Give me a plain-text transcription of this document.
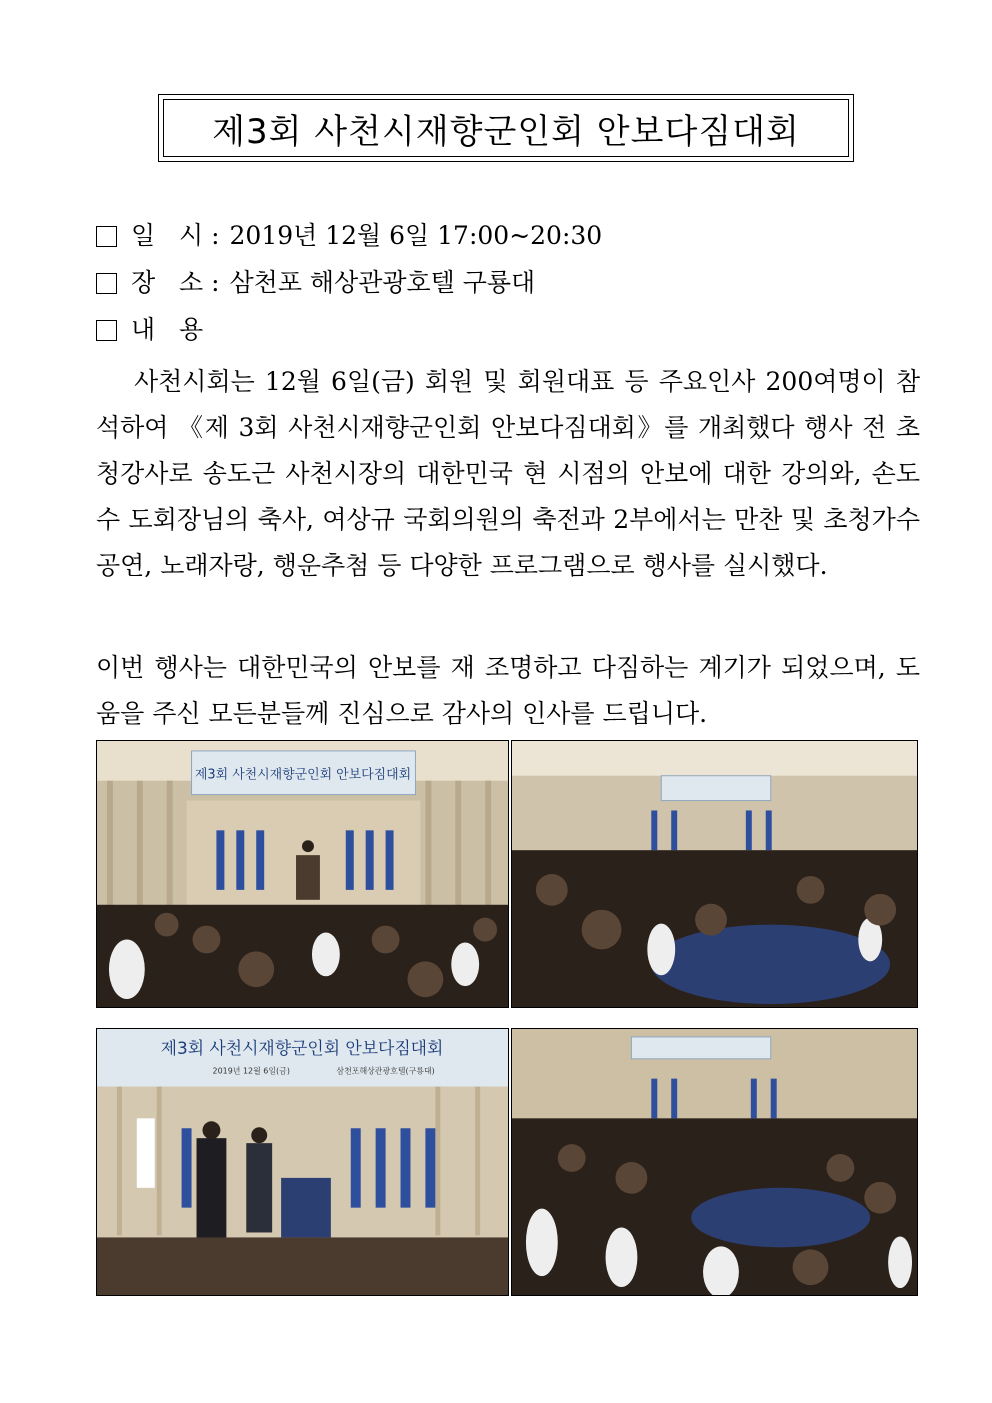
제3회 사천시재향군인회 안보다짐대회
일   시 : 2019년 12월 6일 17:00~20:30
장   소 : 삼천포 해상관광호텔 구룡대
내   용
사천시회는 12월 6일(금) 회원 및 회원대표 등 주요인사 200여명이 참석하여 《제 3회 사천시재향군인회 안보다짐대회》를 개최했다 행사 전 초청강사로 송도근 사천시장의 대한민국 현 시점의 안보에 대한 강의와, 손도수 도회장님의 축사, 여상규 국회의원의 축전과 2부에서는 만찬 및 초청가수 공연, 노래자랑, 행운추첨 등 다양한 프로그램으로 행사를 실시했다.
이번 행사는 대한민국의 안보를 재 조명하고 다짐하는 계기가 되었으며, 도움을 주신 모든분들께 진심으로 감사의 인사를 드립니다.
제3회 사천시재향군인회 안보다짐대회
제3회 사천시재향군인회 안보다짐대회
2019년 12월 6일(금)	삼천포해상관광호텔(구룡대)
